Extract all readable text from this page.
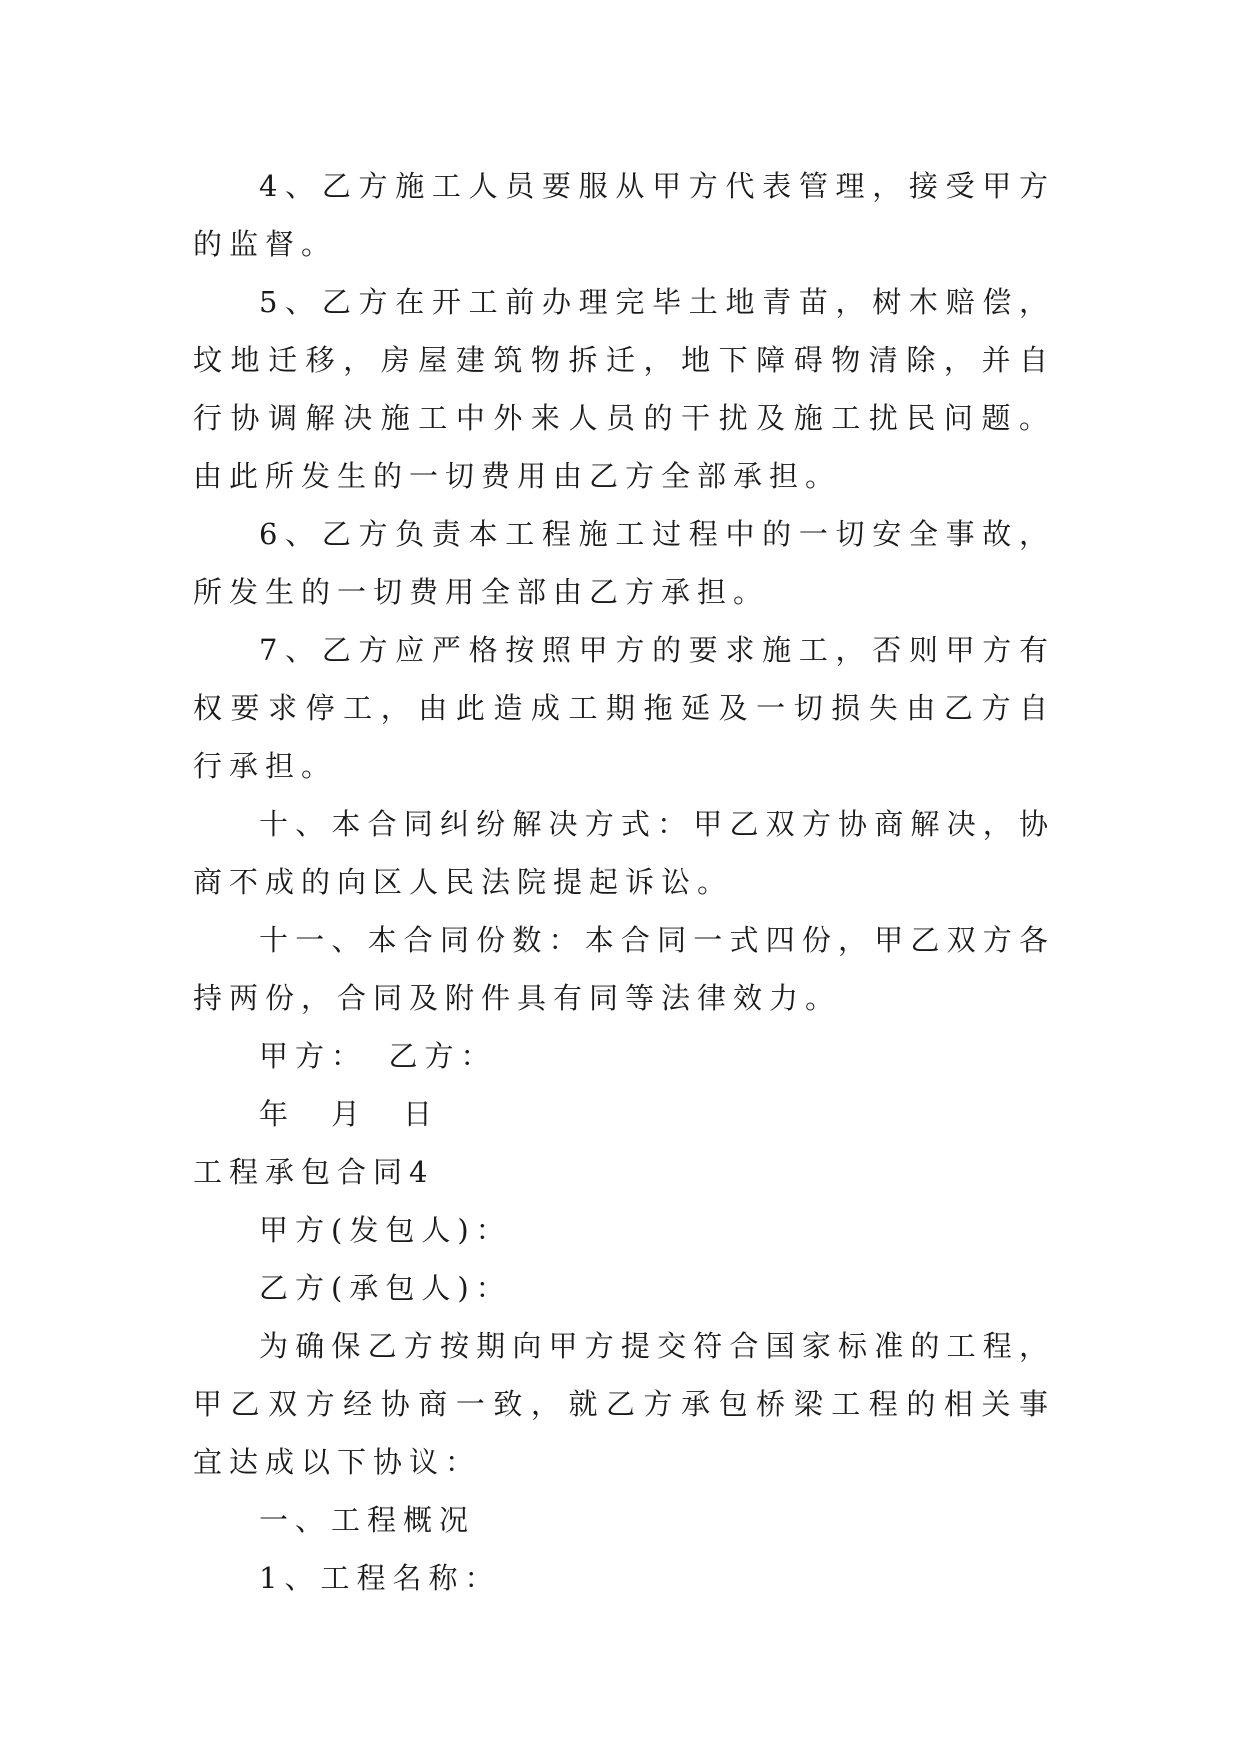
4、乙方施工人员要服从甲方代表管理，接受甲方的监督。

5、乙方在开工前办理完毕土地青苗，树木赔偿，坟地迁移，房屋建筑物拆迁，地下障碍物清除，并自行协调解决施工中外来人员的干扰及施工扰民问题。由此所发生的一切费用由乙方全部承担。

6、乙方负责本工程施工过程中的一切安全事故，所发生的一切费用全部由乙方承担。

7、乙方应严格按照甲方的要求施工，否则甲方有权要求停工，由此造成工期拖延及一切损失由乙方自行承担。

十、本合同纠纷解决方式：甲乙双方协商解决，协商不成的向区人民法院提起诉讼。

十一、本合同份数：本合同一式四份，甲乙双方各持两份，合同及附件具有同等法律效力。

甲方：　乙方：

年　月　日

工程承包合同4

甲方(发包人)：

乙方(承包人)：

为确保乙方按期向甲方提交符合国家标准的工程，甲乙双方经协商一致，就乙方承包桥梁工程的相关事宜达成以下协议：

一、工程概况

1、工程名称：
